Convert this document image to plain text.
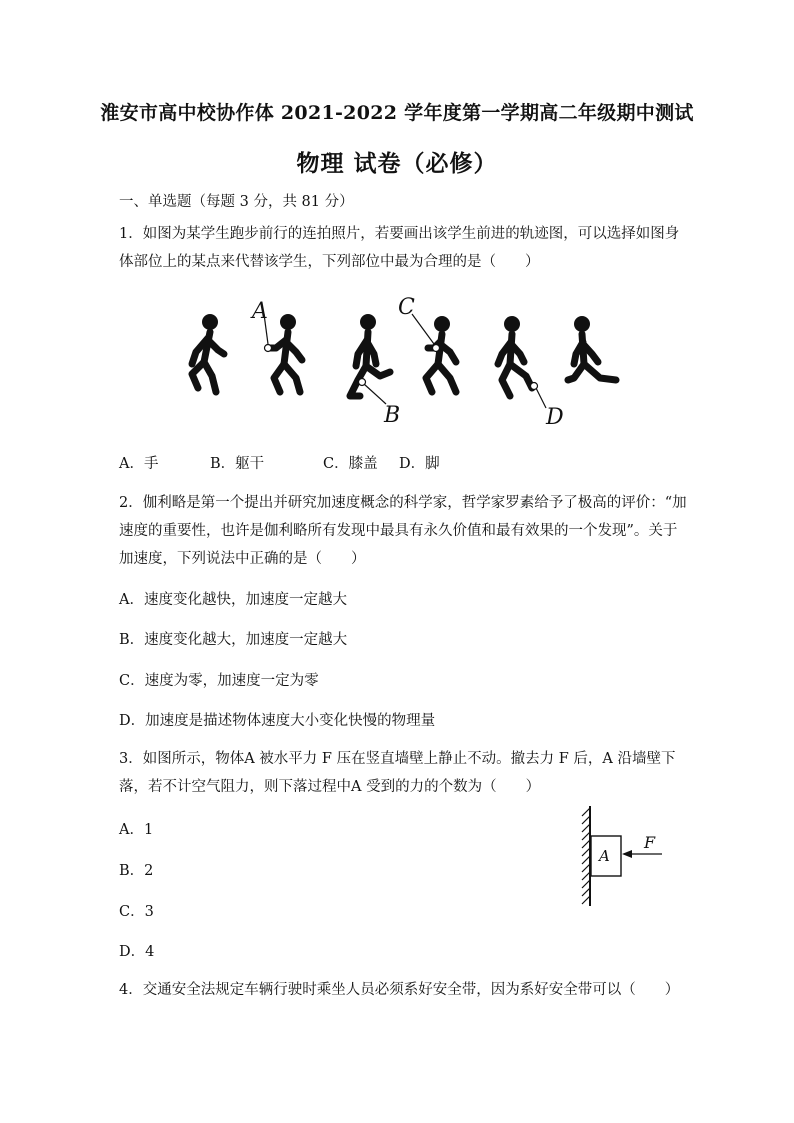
淮安市高中校协作体 2021-2022 学年度第一学期高二年级期中测试
物理 试卷（必修）
一、单选题（每题 3 分，共 81 分）
1．如图为某学生跑步前行的连拍照片，若要画出该学生前进的轨迹图，可以选择如图身
体部位上的某点来代替该学生，下列部位中最为合理的是（　　）
A
B
C
D
A．手	B．躯干	C．膝盖 D．脚
2．伽利略是第一个提出并研究加速度概念的科学家，哲学家罗素给予了极高的评价：“加
速度的重要性，也许是伽利略所有发现中最具有永久价值和最有效果的一个发现”。关于
加速度，下列说法中正确的是（　　）
A．速度变化越快，加速度一定越大
B．速度变化越大，加速度一定越大
C．速度为零，加速度一定为零
D．加速度是描述物体速度大小变化快慢的物理量
3．如图所示，物体A 被水平力 F 压在竖直墙壁上静止不动。撤去力 F 后，A 沿墙壁下
落，若不计空气阻力，则下落过程中A 受到的力的个数为（　　）
A．1
B．2
C．3
D．4
A
F
4．交通安全法规定车辆行驶时乘坐人员必须系好安全带，因为系好安全带可以（　　）
